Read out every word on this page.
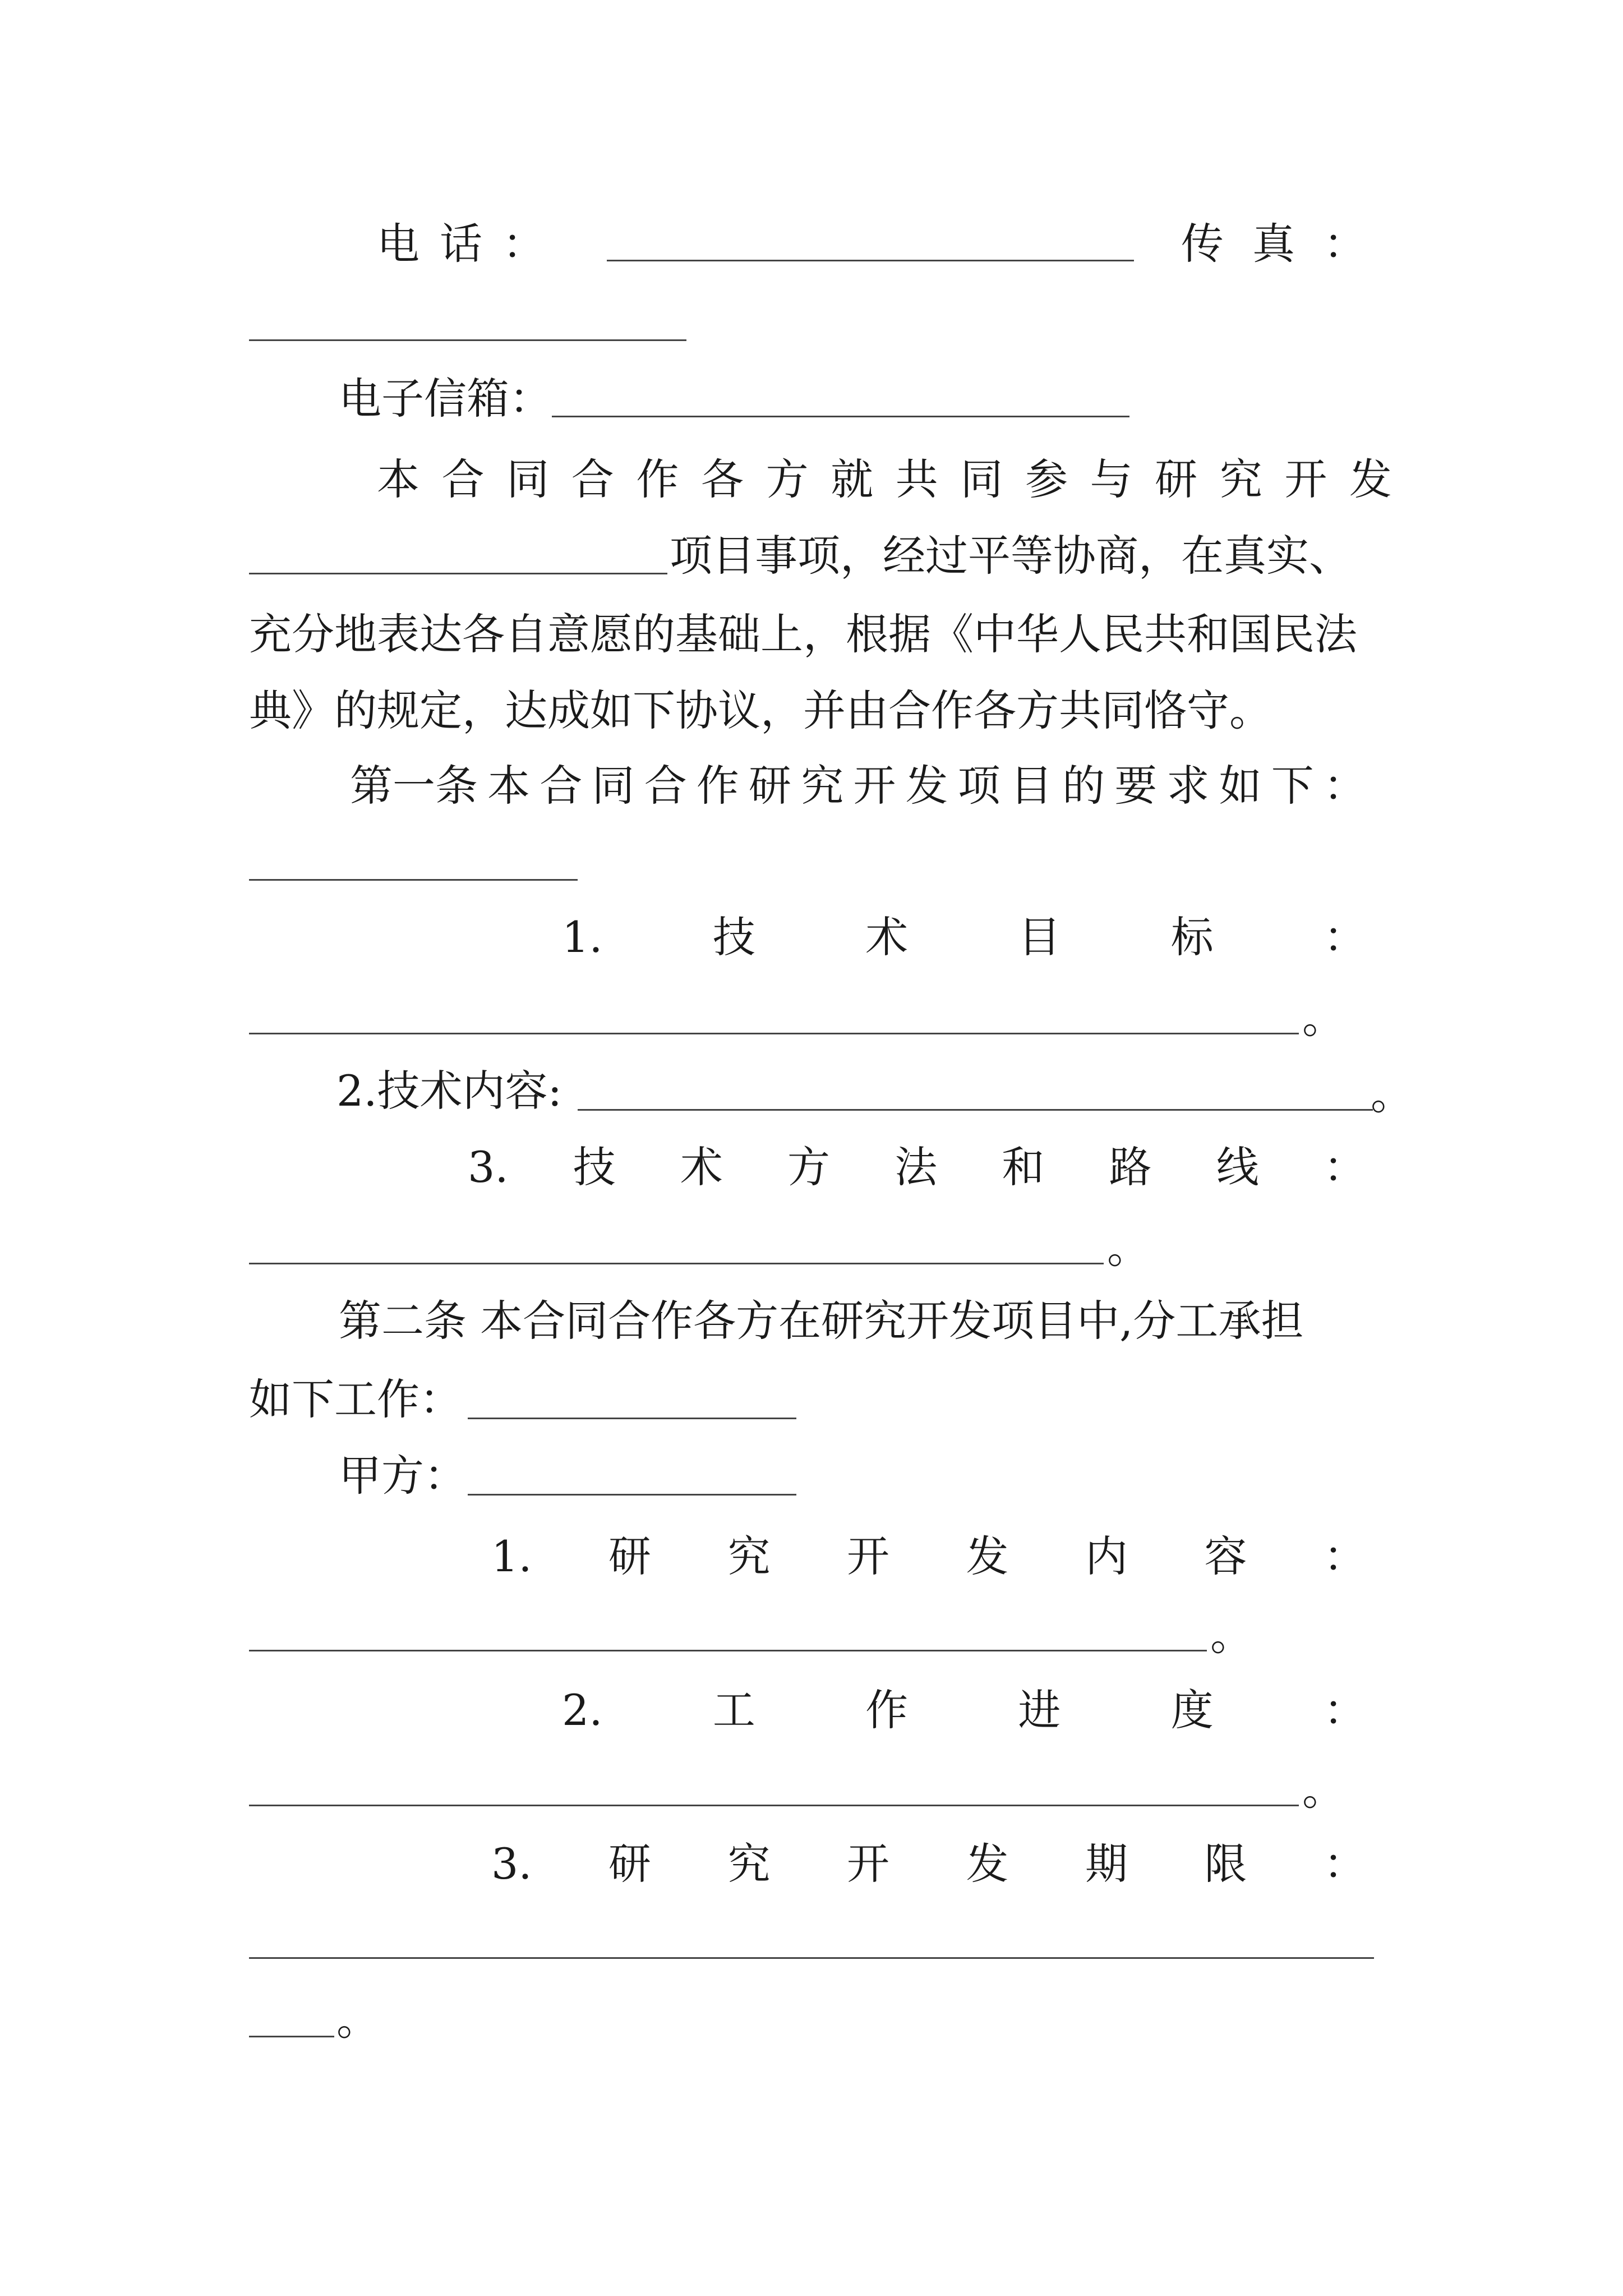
电 话 ：	传 真 ：
电子信箱：
本 合 同 合 作 各 方 就 共 同 参 与 研 究 开 发
项目事项，经过平等协商，在真实、
充分地表达各自意愿的基础上，根据《中华人民共和国民法
典》的规定，达成如下协议，并由合作各方共同恪守。
第一条 本 合 同 合 作 研 究 开 发 项 目 的 要 求 如 下 ：
1.	技	术	目	标	：
。
2.技术内容:	。
3. 技 术 方 法 和 路 线 ：
。
第二条 本合同合作各方在研究开发项目中,分工承担
如下工作：
甲方：
1. 研 究 开 发 内 容 ：
。
2.	工	作	进	度	：
。
3. 研 究 开 发 期 限 ：
。
